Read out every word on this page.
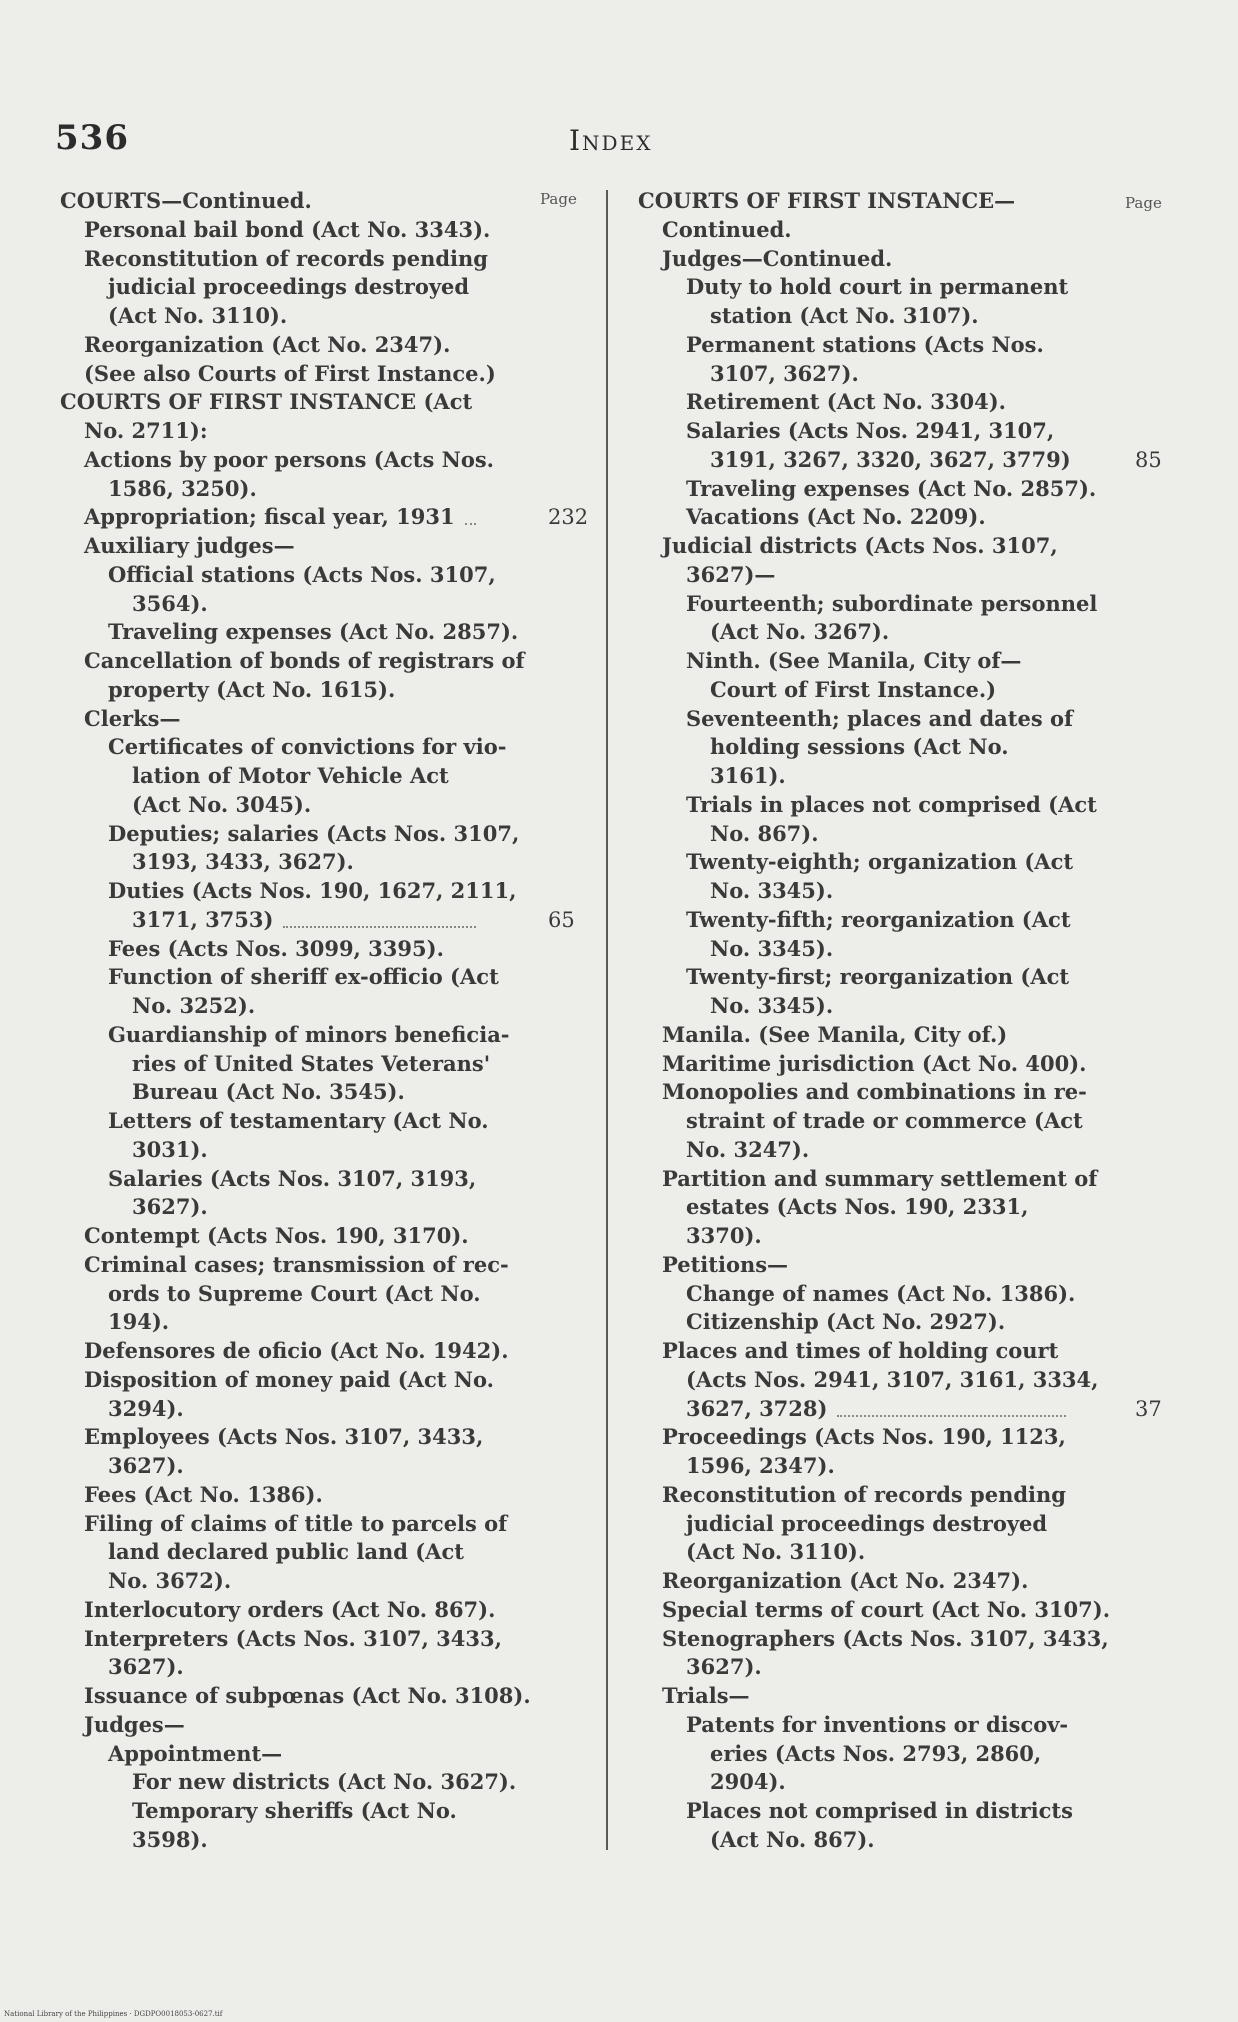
536	Index
Page	Page
COURTS—Continued.
Personal bail bond (Act No. 3343).
Reconstitution of records pending
judicial proceedings destroyed
(Act No. 3110).
Reorganization (Act No. 2347).
(See also Courts of First Instance.)
COURTS OF FIRST INSTANCE (Act
No. 2711):
Actions by poor persons (Acts Nos.
1586, 3250).
Appropriation; fiscal year, 1931	232
Auxiliary judges—
Official stations (Acts Nos. 3107,
3564).
Traveling expenses (Act No. 2857).
Cancellation of bonds of registrars of
property (Act No. 1615).
Clerks—
Certificates of convictions for vio-
lation of Motor Vehicle Act
(Act No. 3045).
Deputies; salaries (Acts Nos. 3107,
3193, 3433, 3627).
Duties (Acts Nos. 190, 1627, 2111,
3171, 3753)	65
Fees (Acts Nos. 3099, 3395).
Function of sheriff ex-officio (Act
No. 3252).
Guardianship of minors beneficia-
ries of United States Veterans'
Bureau (Act No. 3545).
Letters of testamentary (Act No.
3031).
Salaries (Acts Nos. 3107, 3193,
3627).
Contempt (Acts Nos. 190, 3170).
Criminal cases; transmission of rec-
ords to Supreme Court (Act No.
194).
Defensores de oficio (Act No. 1942).
Disposition of money paid (Act No.
3294).
Employees (Acts Nos. 3107, 3433,
3627).
Fees (Act No. 1386).
Filing of claims of title to parcels of
land declared public land (Act
No. 3672).
Interlocutory orders (Act No. 867).
Interpreters (Acts Nos. 3107, 3433,
3627).
Issuance of subpœnas (Act No. 3108).
Judges—
Appointment—
For new districts (Act No. 3627).
Temporary sheriffs (Act No.
3598).
COURTS OF FIRST INSTANCE—
Continued.
Judges—Continued.
Duty to hold court in permanent
station (Act No. 3107).
Permanent stations (Acts Nos.
3107, 3627).
Retirement (Act No. 3304).
Salaries (Acts Nos. 2941, 3107,
3191, 3267, 3320, 3627, 3779)	85
Traveling expenses (Act No. 2857).
Vacations (Act No. 2209).
Judicial districts (Acts Nos. 3107,
3627)—
Fourteenth; subordinate personnel
(Act No. 3267).
Ninth. (See Manila, City of—
Court of First Instance.)
Seventeenth; places and dates of
holding sessions (Act No.
3161).
Trials in places not comprised (Act
No. 867).
Twenty-eighth; organization (Act
No. 3345).
Twenty-fifth; reorganization (Act
No. 3345).
Twenty-first; reorganization (Act
No. 3345).
Manila. (See Manila, City of.)
Maritime jurisdiction (Act No. 400).
Monopolies and combinations in re-
straint of trade or commerce (Act
No. 3247).
Partition and summary settlement of
estates (Acts Nos. 190, 2331,
3370).
Petitions—
Change of names (Act No. 1386).
Citizenship (Act No. 2927).
Places and times of holding court
(Acts Nos. 2941, 3107, 3161, 3334,
3627, 3728)	37
Proceedings (Acts Nos. 190, 1123,
1596, 2347).
Reconstitution of records pending
judicial proceedings destroyed
(Act No. 3110).
Reorganization (Act No. 2347).
Special terms of court (Act No. 3107).
Stenographers (Acts Nos. 3107, 3433,
3627).
Trials—
Patents for inventions or discov-
eries (Acts Nos. 2793, 2860,
2904).
Places not comprised in districts
(Act No. 867).
National Library of the Philippines · DGDPO0018053-0627.tif
